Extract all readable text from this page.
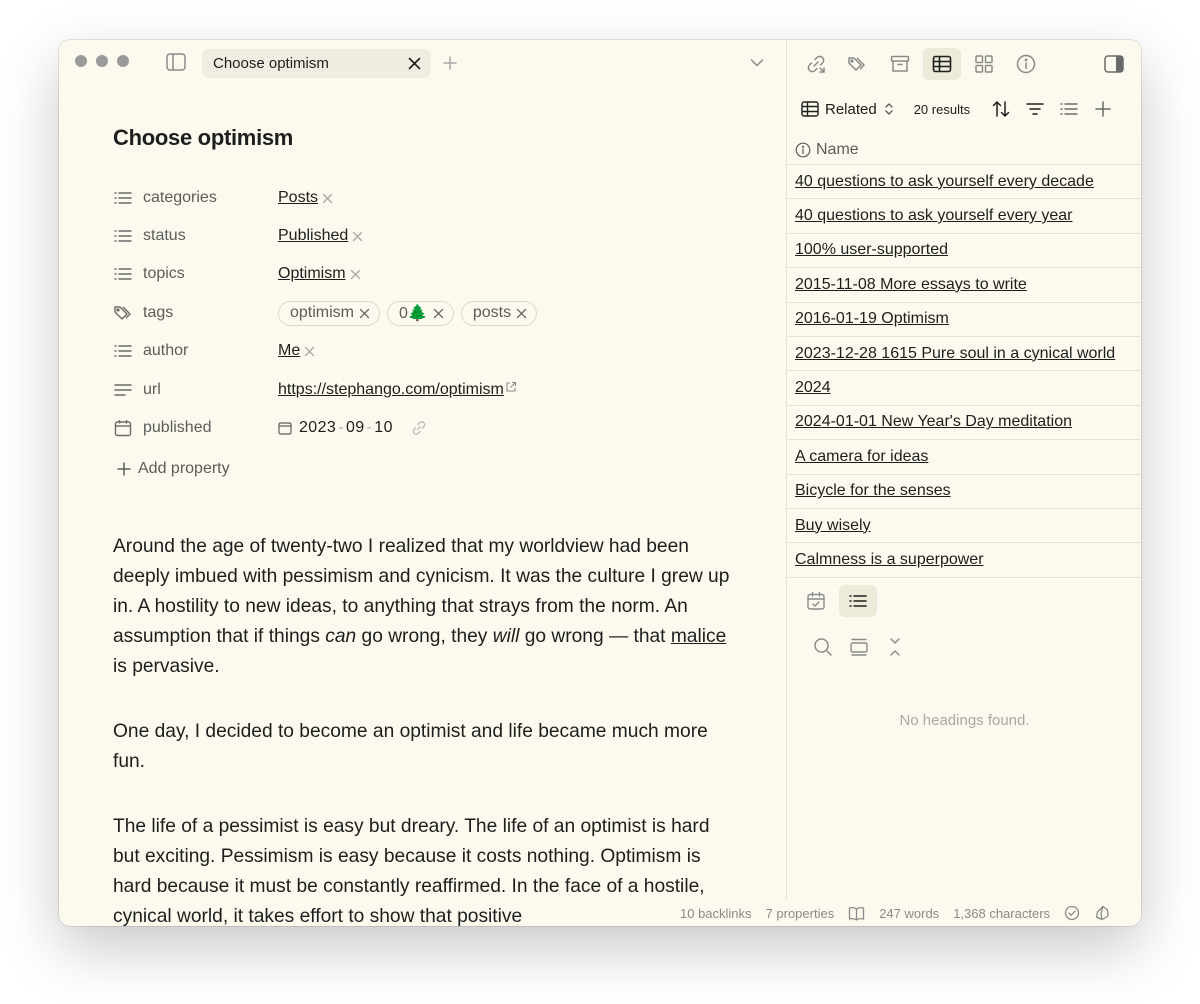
Choose optimism
Choose optimism
categories	Posts
status	Published
topics	Optimism
tags	optimism	0🌲	posts
author	Me
url	https://stephango.com/optimism
published	2023 - 09 - 10
Add property
Around the age of twenty-two I realized that my worldview had been deeply imbued with pessimism and cynicism. It was the culture I grew up in. A hostility to new ideas, to anything that strays from the norm. An assumption that if things can go wrong, they will go wrong — that malice is pervasive.
One day, I decided to become an optimist and life became much more fun.
The life of a pessimist is easy but dreary. The life of an optimist is hard but exciting. Pessimism is easy because it costs nothing. Optimism is hard because it must be constantly reaffirmed. In the face of a hostile, cynical world, it takes effort to show that positive	10 backlinks 7 properties	247 words 1,368 characters
Related	20 results
Name
40 questions to ask yourself every decade
40 questions to ask yourself every year
100% user-supported
2015-11-08 More essays to write
2016-01-19 Optimism
2023-12-28 1615 Pure soul in a cynical world
2024
2024-01-01 New Year's Day meditation
A camera for ideas
Bicycle for the senses
Buy wisely
Calmness is a superpower
No headings found.
